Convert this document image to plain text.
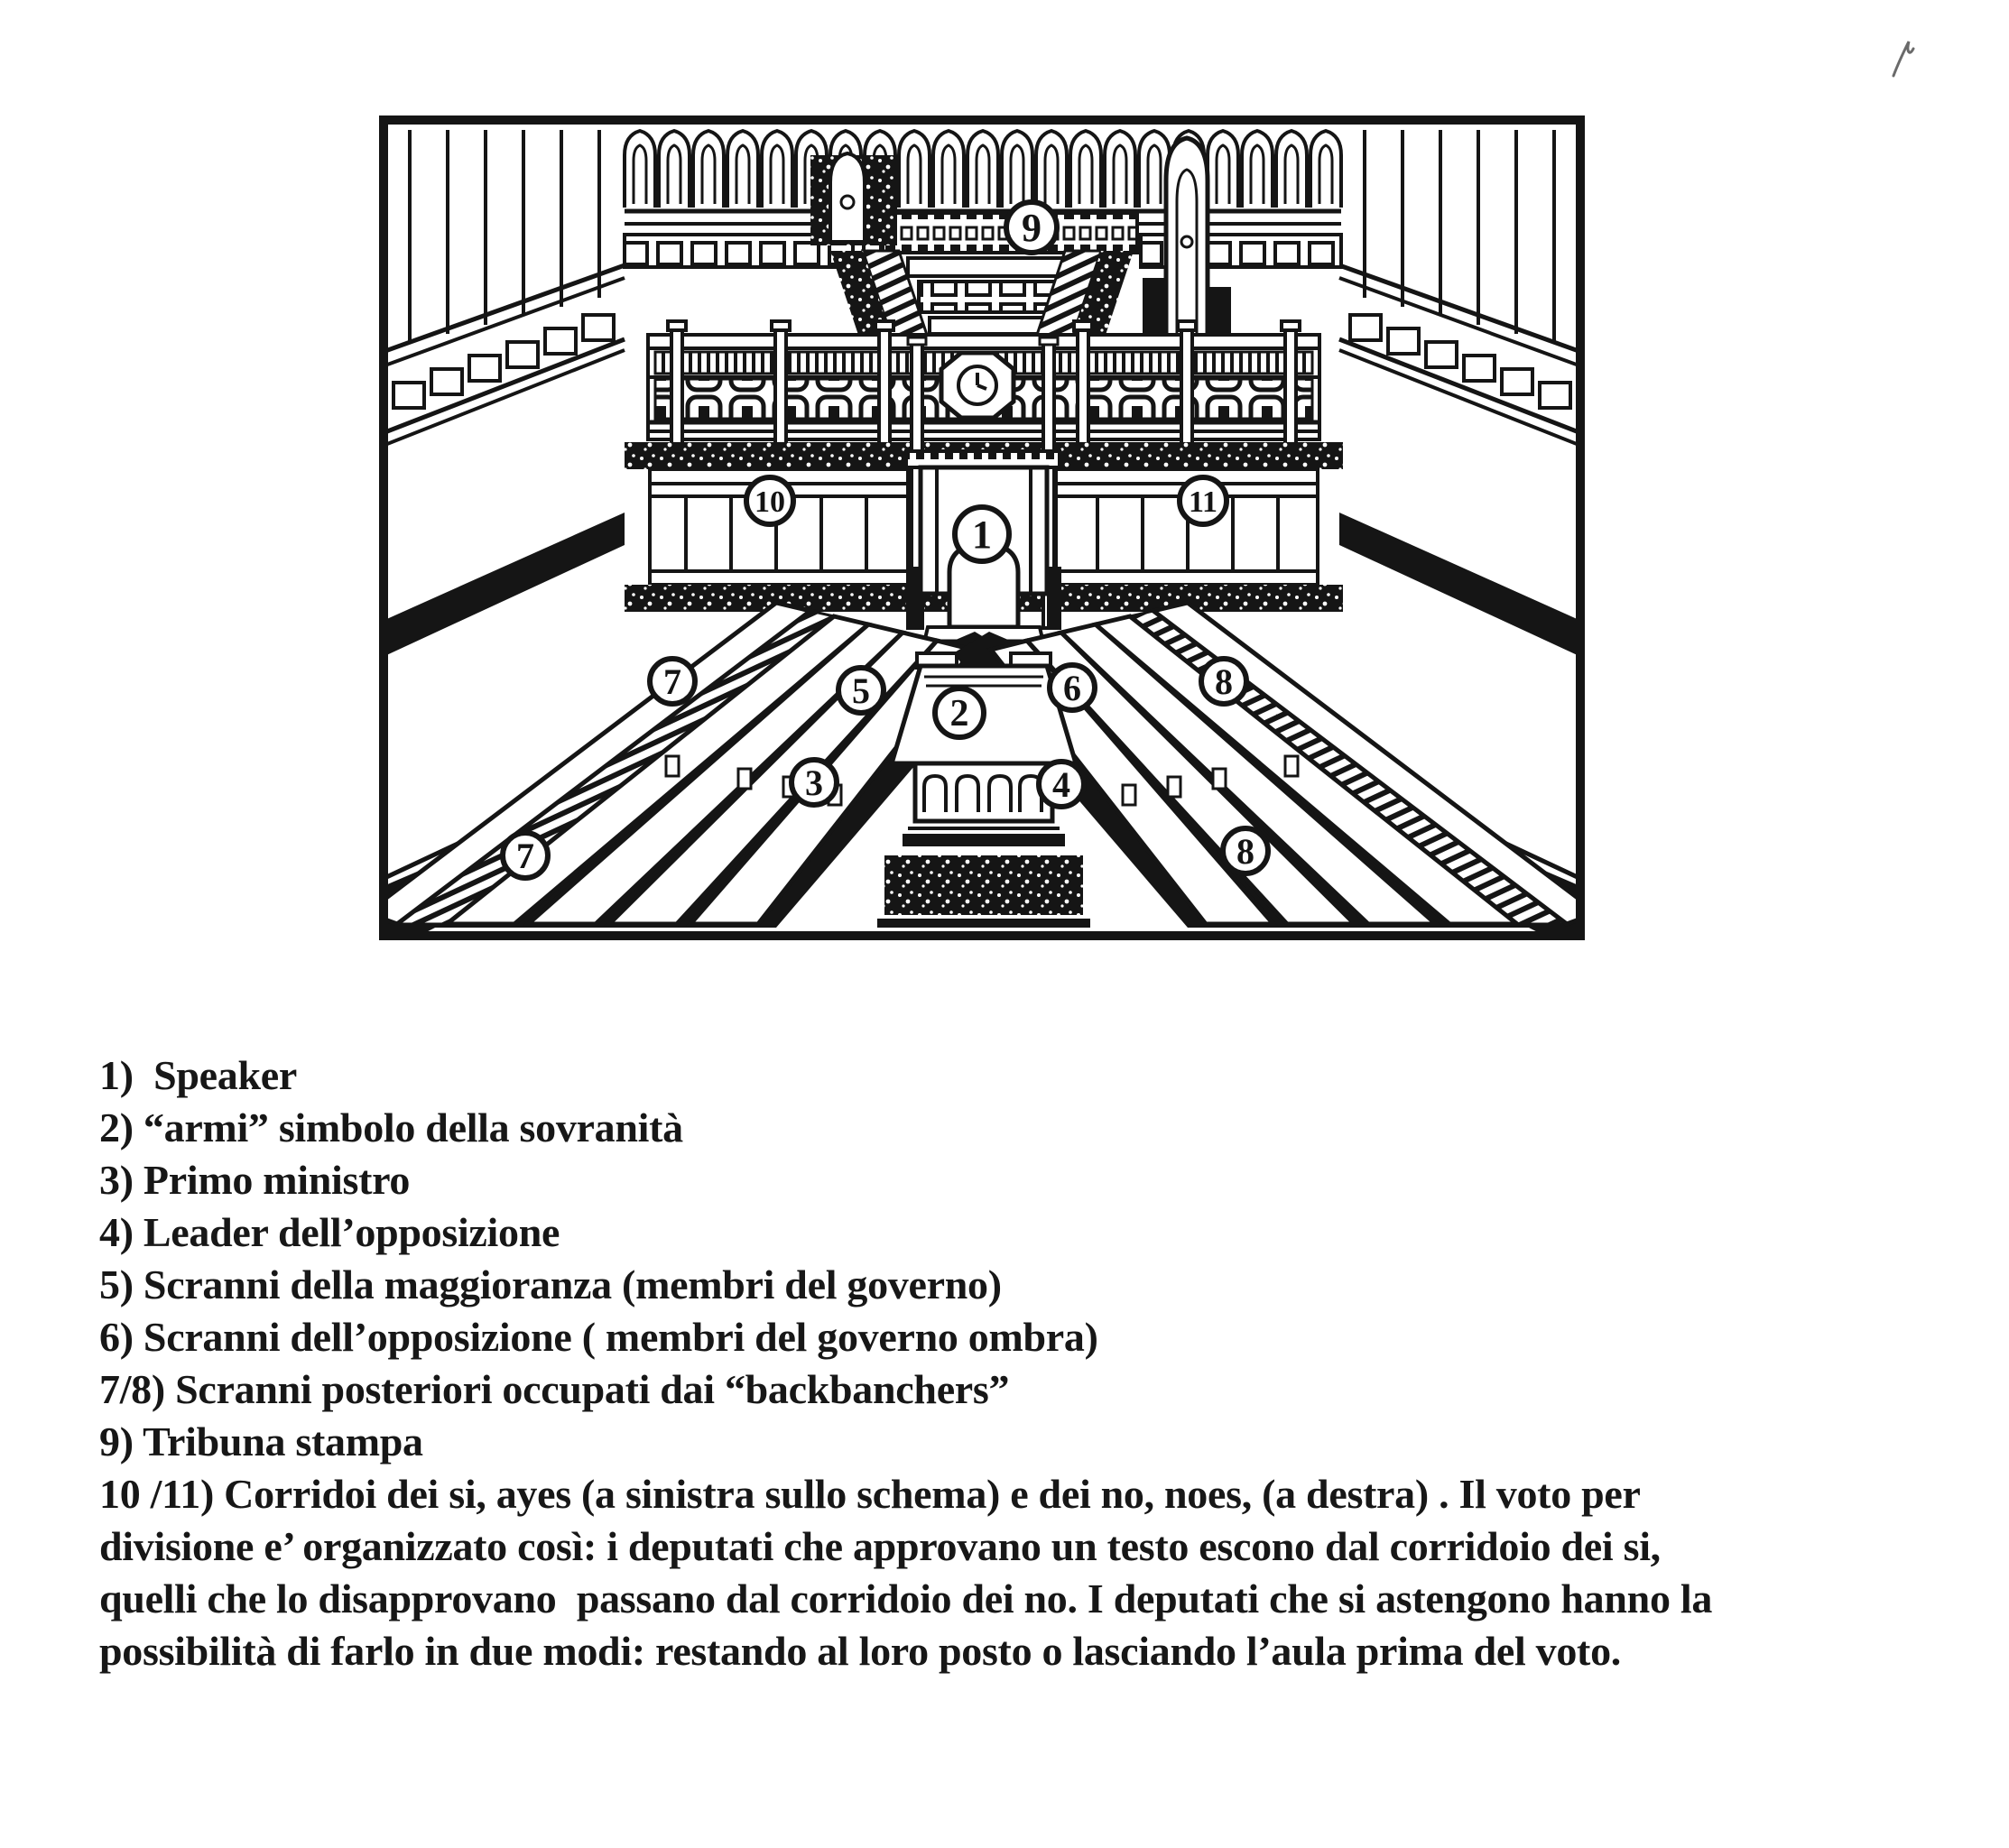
9
10	11
1
7	5
2
6	8
3	4
7	8
1)  Speaker
2) “armi” simbolo della sovranità
3) Primo ministro
4) Leader dell’opposizione
5) Scranni della maggioranza (membri del governo)
6) Scranni dell’opposizione ( membri del governo ombra)
7/8) Scranni posteriori occupati dai “backbanchers”
9) Tribuna stampa
10 /11) Corridoi dei si, ayes (a sinistra sullo schema) e dei no, noes, (a destra) . Il voto per
divisione e’ organizzato così: i deputati che approvano un testo escono dal corridoio dei si,
quelli che lo disapprovano  passano dal corridoio dei no. I deputati che si astengono hanno la
possibilità di farlo in due modi: restando al loro posto o lasciando l’aula prima del voto.
